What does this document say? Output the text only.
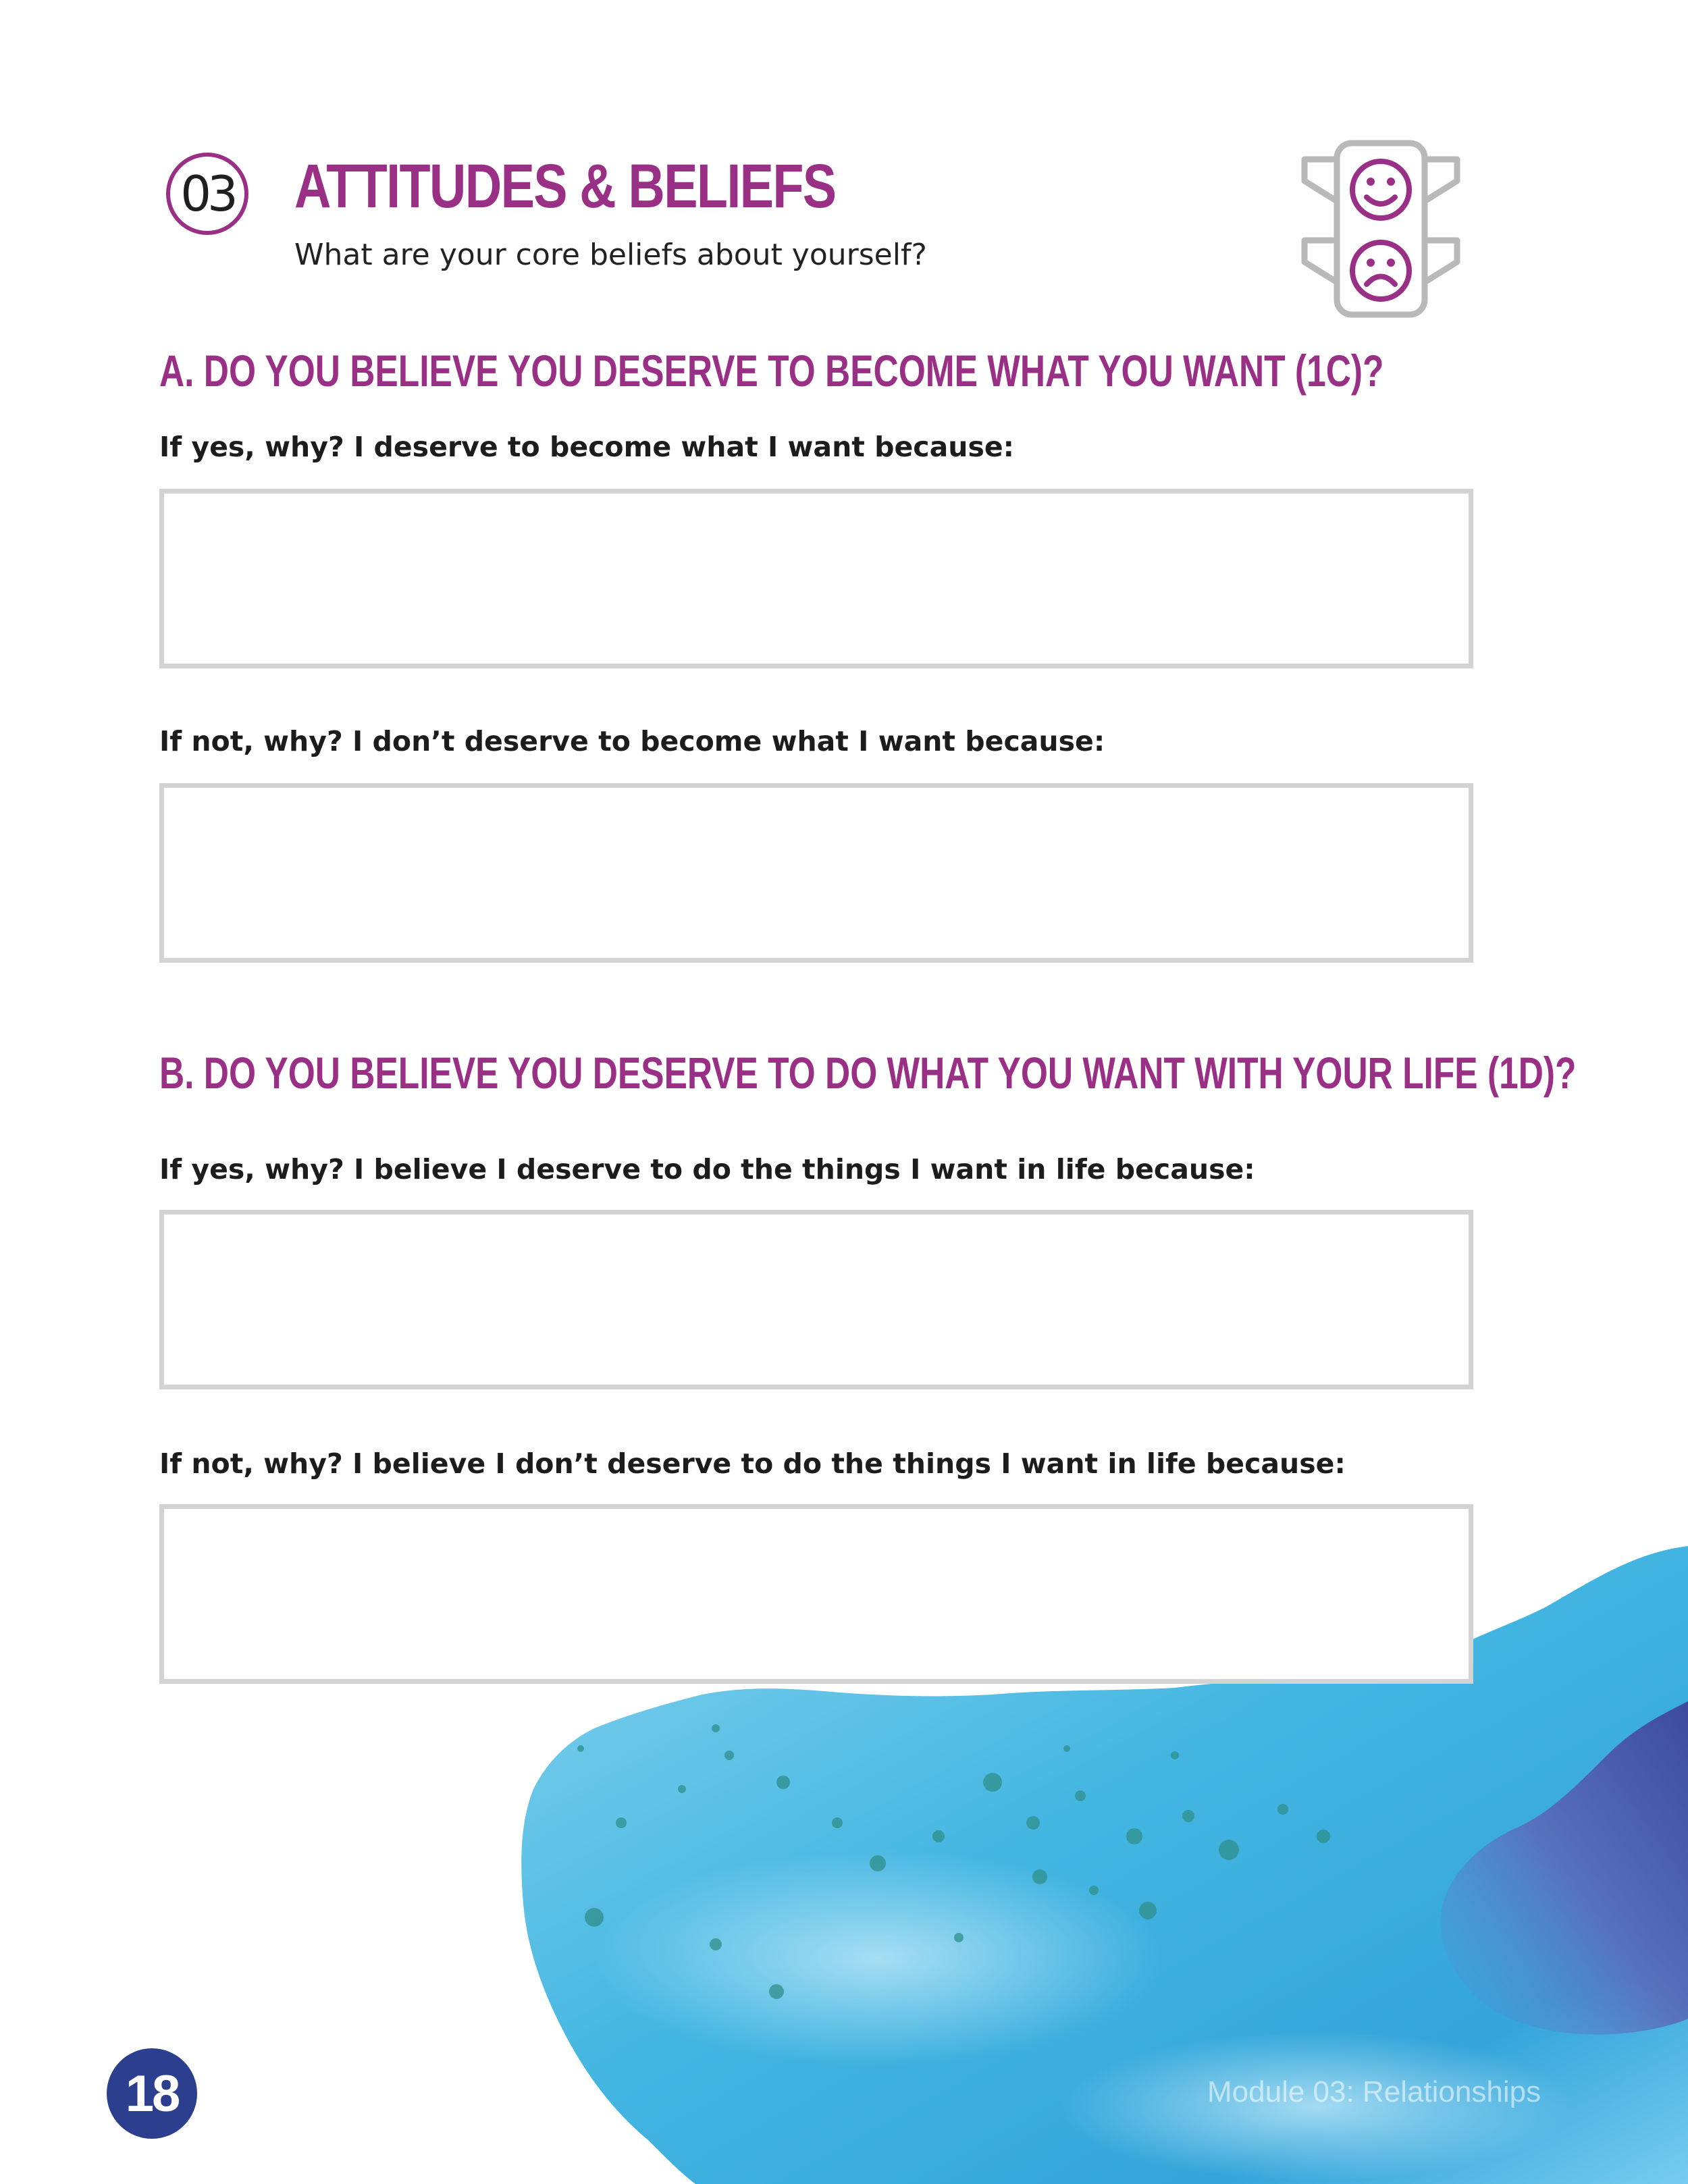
03 ATTITUDES & BELIEFS
What are your core beliefs about yourself?
A. DO YOU BELIEVE YOU DESERVE TO BECOME WHAT YOU WANT (1C)?
If yes, why? I deserve to become what I want because:
If not, why? I don’t deserve to become what I want because:
B. DO YOU BELIEVE YOU DESERVE TO DO WHAT YOU WANT WITH YOUR LIFE (1D)?
If yes, why? I believe I deserve to do the things I want in life because:
If not, why? I believe I don’t deserve to do the things I want in life because:
18	Module 03: Relationships
